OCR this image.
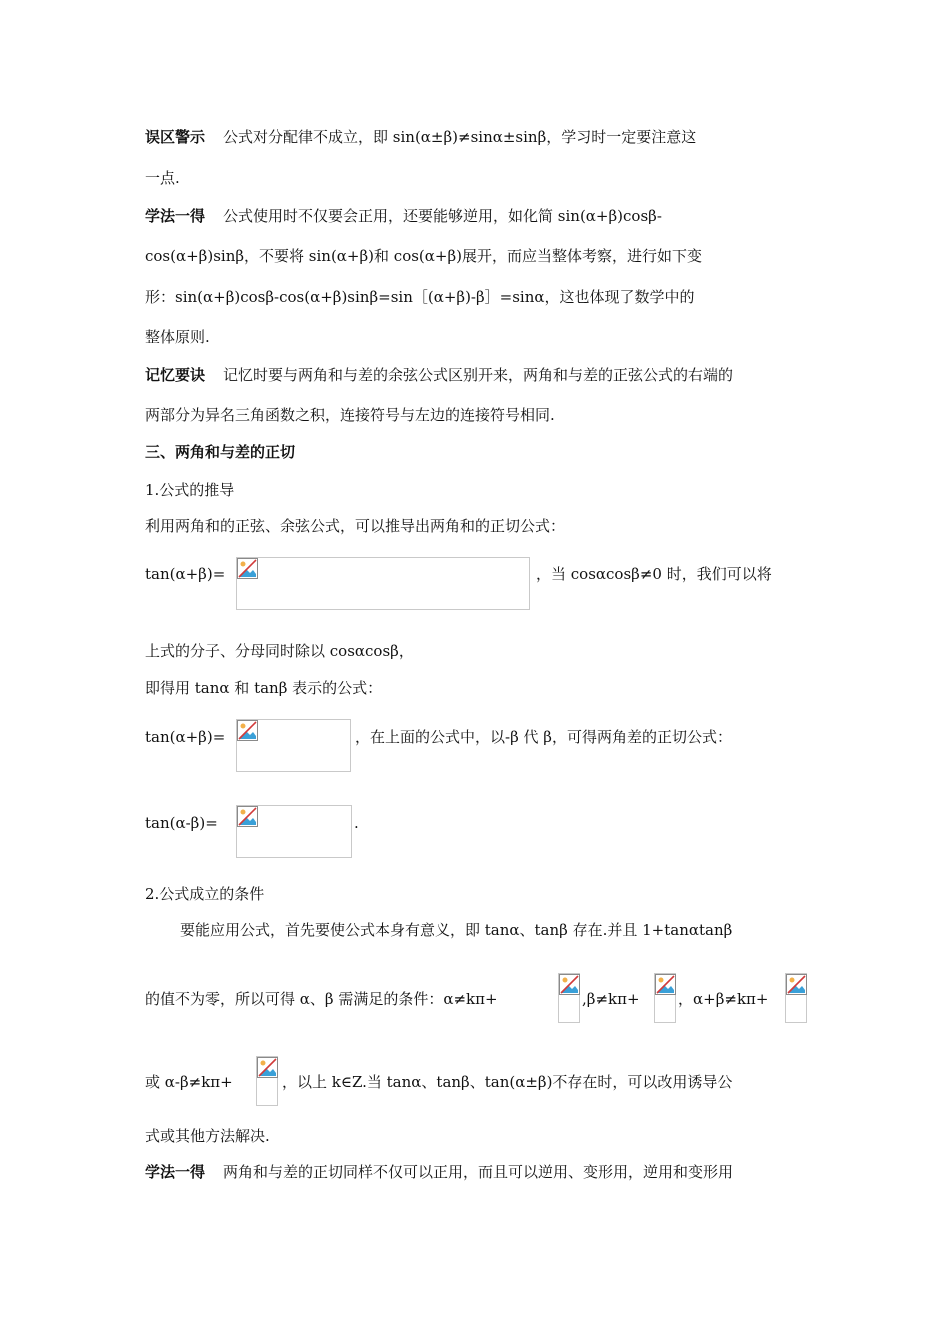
误区警示 公式对分配律不成立，即 sin(α±β)≠sinα±sinβ，学习时一定要注意这
一点.
学法一得 公式使用时不仅要会正用，还要能够逆用，如化简 sin(α+β)cosβ-
cos(α+β)sinβ，不要将 sin(α+β)和 cos(α+β)展开，而应当整体考察，进行如下变
形：sin(α+β)cosβ-cos(α+β)sinβ=sin［(α+β)-β］=sinα，这也体现了数学中的
整体原则.
记忆要诀 记忆时要与两角和与差的余弦公式区别开来，两角和与差的正弦公式的右端的
两部分为异名三角函数之积，连接符号与左边的连接符号相同.
三、两角和与差的正切
1.公式的推导
利用两角和的正弦、余弦公式，可以推导出两角和的正切公式：
tan(α+β)=	，当 cosαcosβ≠0 时，我们可以将
上式的分子、分母同时除以 cosαcosβ，
即得用 tanα 和 tanβ 表示的公式：
tan(α+β)=	，在上面的公式中，以-β 代 β，可得两角差的正切公式：
tan(α-β)=	.
2.公式成立的条件
要能应用公式，首先要使公式本身有意义，即 tanα、tanβ 存在.并且 1+tanαtanβ
的值不为零，所以可得 α、β 需满足的条件：α≠kπ+	,β≠kπ+	，α+β≠kπ+
或 α-β≠kπ+	，以上 k∈Z.当 tanα、tanβ、tan(α±β)不存在时，可以改用诱导公
式或其他方法解决.
学法一得 两角和与差的正切同样不仅可以正用，而且可以逆用、变形用，逆用和变形用
